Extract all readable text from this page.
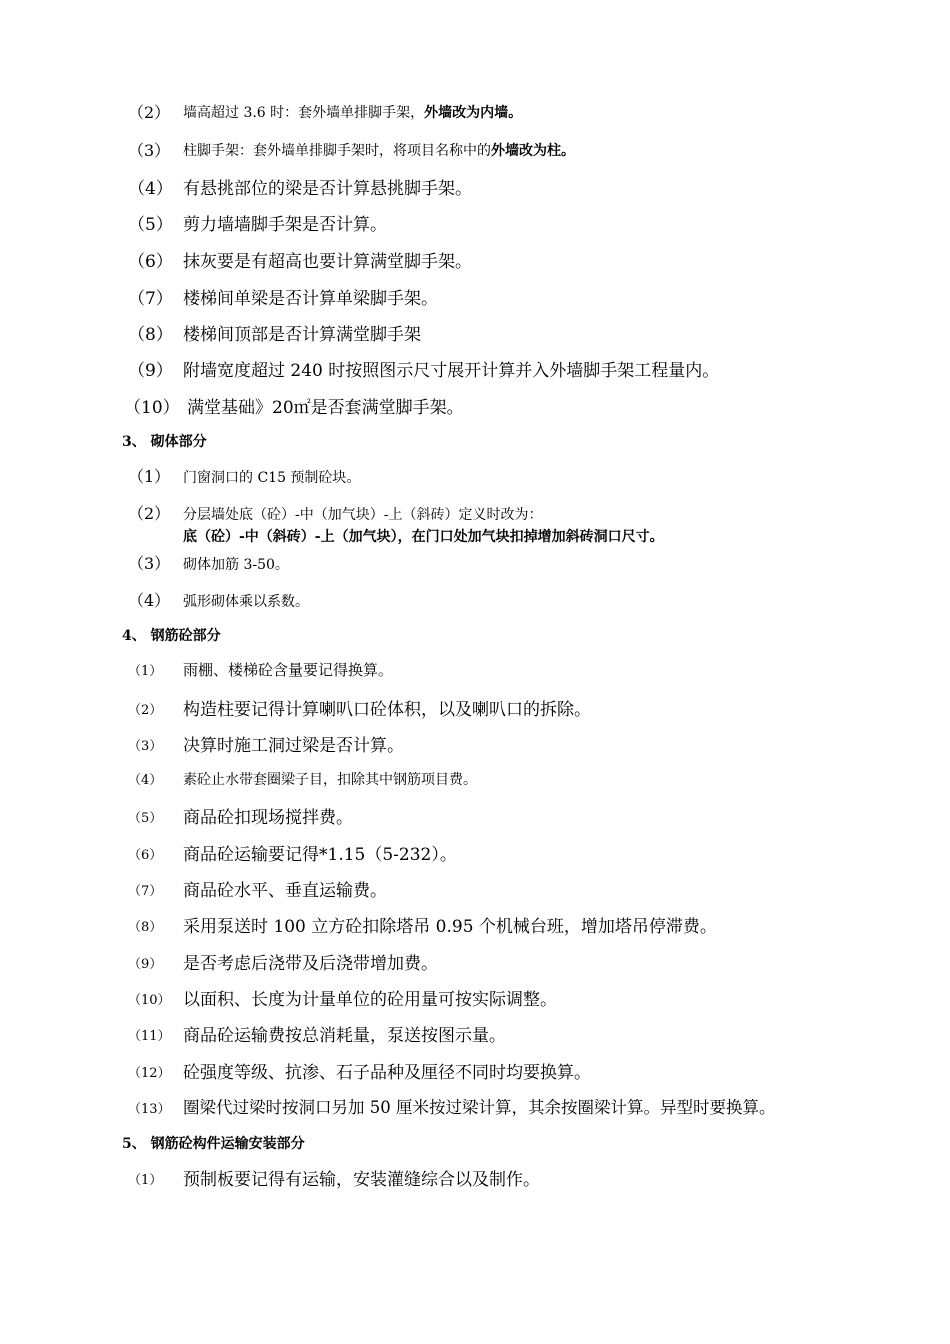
（2） 墙高超过 3.6 时：套外墙单排脚手架，外墙改为内墙。
（3） 柱脚手架：套外墙单排脚手架时，将项目名称中的外墙改为柱。
（4） 有悬挑部位的梁是否计算悬挑脚手架。
（5） 剪力墙墙脚手架是否计算。
（6） 抹灰要是有超高也要计算满堂脚手架。
（7） 楼梯间单梁是否计算单梁脚手架。
（8） 楼梯间顶部是否计算满堂脚手架
（9） 附墙宽度超过 240 时按照图示尺寸展开计算并入外墙脚手架工程量内。
（10） 满堂基础》20㎡是否套满堂脚手架。
3、 砌体部分
（1） 门窗洞口的 C15 预制砼块。
（2） 分层墙处底（砼）-中（加气块）-上（斜砖）定义时改为：
底（砼）-中（斜砖）-上（加气块），在门口处加气块扣掉增加斜砖洞口尺寸。
（3） 砌体加筋 3-50。
（4） 弧形砌体乘以系数。
4、 钢筋砼部分
（1） 雨棚、楼梯砼含量要记得换算。
（2） 构造柱要记得计算喇叭口砼体积，以及喇叭口的拆除。
（3） 决算时施工洞过梁是否计算。
（4） 素砼止水带套圈梁子目，扣除其中钢筋项目费。
（5） 商品砼扣现场搅拌费。
（6） 商品砼运输要记得*1.15（5-232）。
（7） 商品砼水平、垂直运输费。
（8） 采用泵送时 100 立方砼扣除塔吊 0.95 个机械台班，增加塔吊停滞费。
（9） 是否考虑后浇带及后浇带增加费。
（10） 以面积、长度为计量单位的砼用量可按实际调整。
（11） 商品砼运输费按总消耗量，泵送按图示量。
（12） 砼强度等级、抗渗、石子品种及厘径不同时均要换算。
（13） 圈梁代过梁时按洞口另加 50 厘米按过梁计算，其余按圈梁计算。异型时要换算。
5、 钢筋砼构件运输安装部分
（1） 预制板要记得有运输，安装灌缝综合以及制作。
